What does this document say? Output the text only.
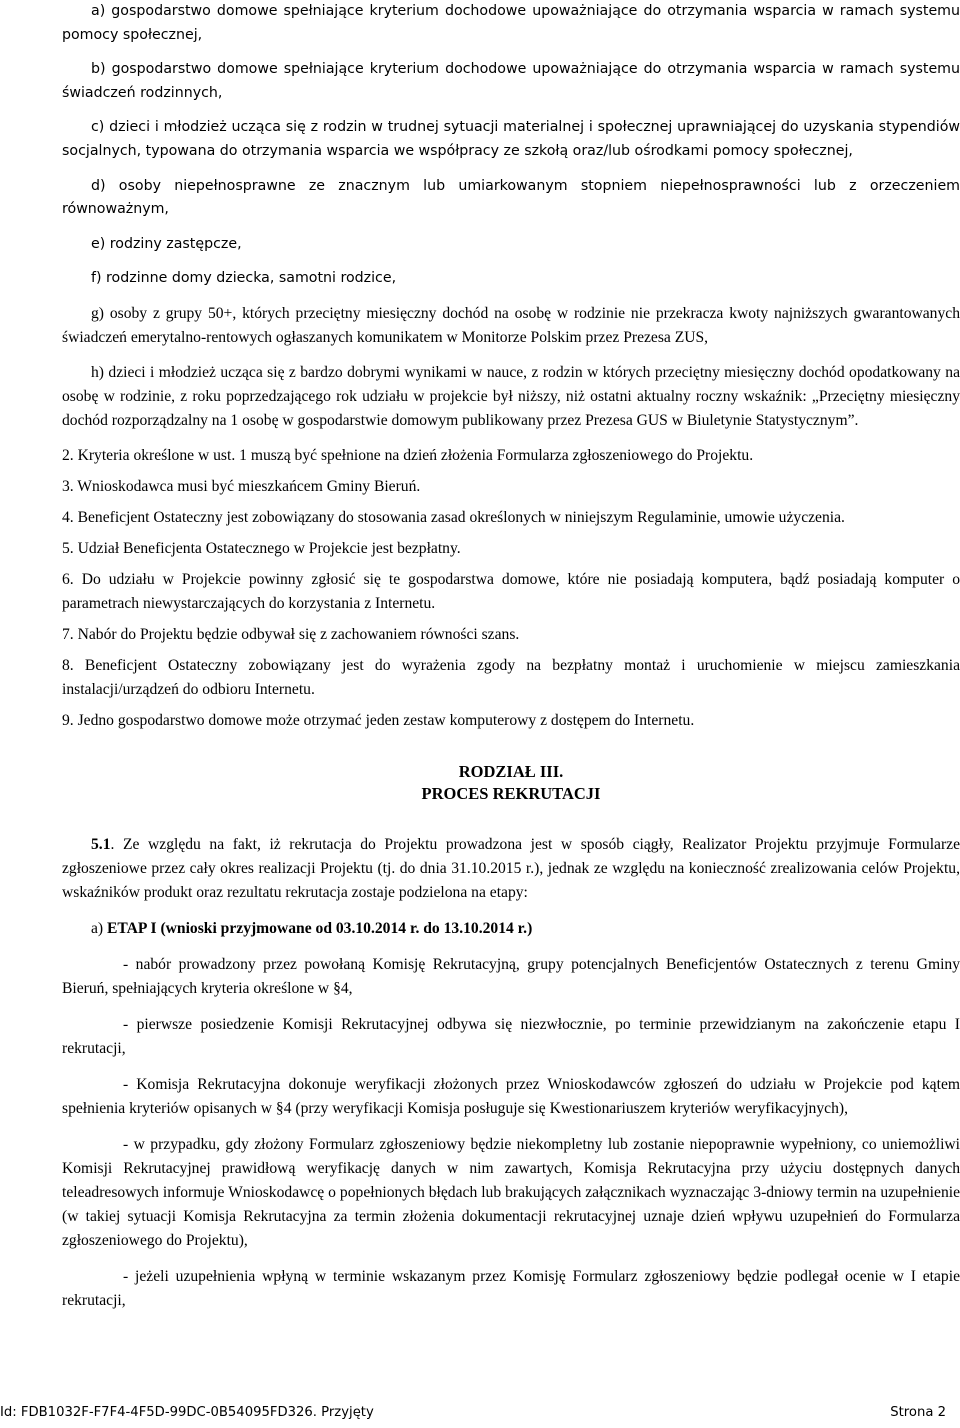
a) gospodarstwo domowe spełniające kryterium dochodowe upoważniające do otrzymania wsparcia w ramach systemu pomocy społecznej,

b) gospodarstwo domowe spełniające kryterium dochodowe upoważniające do otrzymania wsparcia w ramach systemu świadczeń rodzinnych,

c) dzieci i młodzież ucząca się z rodzin w trudnej sytuacji materialnej i społecznej uprawniającej do uzyskania stypendiów socjalnych, typowana do otrzymania wsparcia we współpracy ze szkołą oraz/lub ośrodkami pomocy społecznej,

d) osoby niepełnosprawne ze znacznym lub umiarkowanym stopniem niepełnosprawności lub z orzeczeniem równoważnym,

e) rodziny zastępcze,

f) rodzinne domy dziecka, samotni rodzice,

g) osoby z grupy 50+, których przeciętny miesięczny dochód na osobę w rodzinie nie przekracza kwoty najniższych gwarantowanych świadczeń emerytalno-rentowych ogłaszanych komunikatem w Monitorze Polskim przez Prezesa ZUS,

h) dzieci i młodzież ucząca się z bardzo dobrymi wynikami w nauce, z rodzin w których przeciętny miesięczny dochód opodatkowany na osobę w rodzinie, z roku poprzedzającego rok udziału w projekcie był niższy, niż ostatni aktualny roczny wskaźnik: „Przeciętny miesięczny dochód rozporządzalny na 1 osobę w gospodarstwie domowym publikowany przez Prezesa GUS w Biuletynie Statystycznym”.

2. Kryteria określone w ust. 1 muszą być spełnione na dzień złożenia Formularza zgłoszeniowego do Projektu.

3. Wnioskodawca musi być mieszkańcem Gminy Bieruń.

4. Beneficjent Ostateczny jest zobowiązany do stosowania zasad określonych w niniejszym Regulaminie, umowie użyczenia.

5. Udział Beneficjenta Ostatecznego w Projekcie jest bezpłatny.

6. Do udziału w Projekcie powinny zgłosić się te gospodarstwa domowe, które nie posiadają komputera, bądź posiadają komputer o parametrach niewystarczających do korzystania z Internetu.

7. Nabór do Projektu będzie odbywał się z zachowaniem równości szans.

8. Beneficjent Ostateczny zobowiązany jest do wyrażenia zgody na bezpłatny montaż i uruchomienie w miejscu zamieszkania instalacji/urządzeń do odbioru Internetu.

9. Jedno gospodarstwo domowe może otrzymać jeden zestaw komputerowy z dostępem do Internetu.

RODZIAŁ III.
PROCES REKRUTACJI

5.1. Ze względu na fakt, iż rekrutacja do Projektu prowadzona jest w sposób ciągły, Realizator Projektu przyjmuje Formularze zgłoszeniowe przez cały okres realizacji Projektu (tj. do dnia 31.10.2015 r.), jednak ze względu na konieczność zrealizowania celów Projektu, wskaźników produkt oraz rezultatu rekrutacja zostaje podzielona na etapy:

a) ETAP I (wnioski przyjmowane od 03.10.2014 r. do 13.10.2014 r.)

- nabór prowadzony przez powołaną Komisję Rekrutacyjną, grupy potencjalnych Beneficjentów Ostatecznych z terenu Gminy Bieruń, spełniających kryteria określone w §4,

- pierwsze posiedzenie Komisji Rekrutacyjnej odbywa się niezwłocznie, po terminie przewidzianym na zakończenie etapu I rekrutacji,

- Komisja Rekrutacyjna dokonuje weryfikacji złożonych przez Wnioskodawców zgłoszeń do udziału w Projekcie pod kątem spełnienia kryteriów opisanych w §4 (przy weryfikacji Komisja posługuje się Kwestionariuszem kryteriów weryfikacyjnych),

- w przypadku, gdy złożony Formularz zgłoszeniowy będzie niekompletny lub zostanie niepoprawnie wypełniony, co uniemożliwi Komisji Rekrutacyjnej prawidłową weryfikację danych w nim zawartych, Komisja Rekrutacyjna przy użyciu dostępnych danych teleadresowych informuje Wnioskodawcę o popełnionych błędach lub brakujących załącznikach wyznaczając 3-dniowy termin na uzupełnienie (w takiej sytuacji Komisja Rekrutacyjna za termin złożenia dokumentacji rekrutacyjnej uznaje dzień wpływu uzupełnień do Formularza zgłoszeniowego do Projektu),

- jeżeli uzupełnienia wpłyną w terminie wskazanym przez Komisję Formularz zgłoszeniowy będzie podlegał ocenie w I etapie rekrutacji,

Id: FDB1032F-F7F4-4F5D-99DC-0B54095FD326. Przyjęty	Strona 2
